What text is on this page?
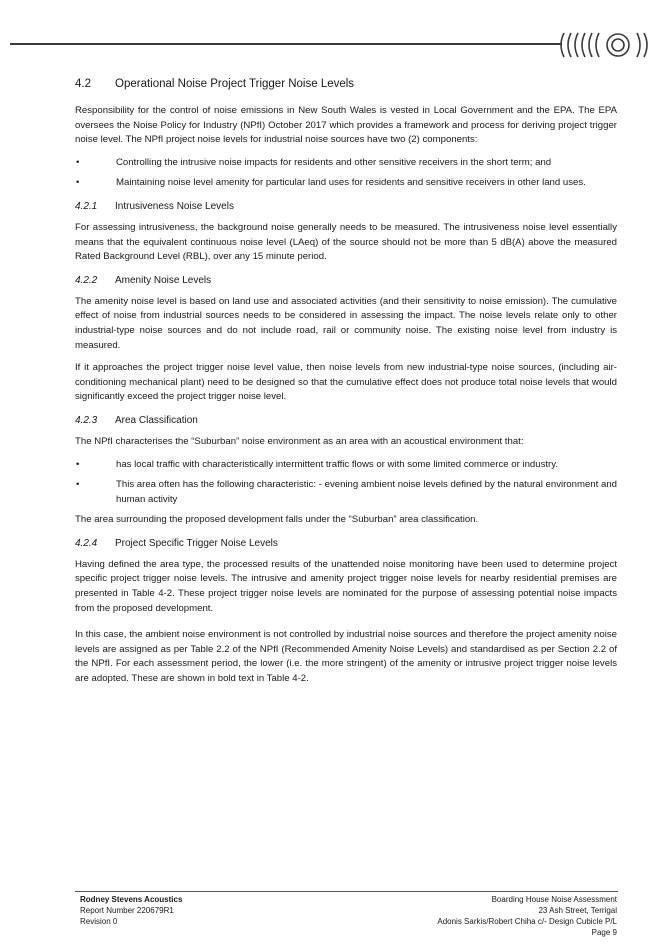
4.2	Operational Noise Project Trigger Noise Levels

Responsibility for the control of noise emissions in New South Wales is vested in Local Government and the EPA. The EPA oversees the Noise Policy for Industry (NPfI) October 2017 which provides a framework and process for deriving project trigger noise level. The NPfI project noise levels for industrial noise sources have two (2) components:

•	Controlling the intrusive noise impacts for residents and other sensitive receivers in the short term; and
•	Maintaining noise level amenity for particular land uses for residents and sensitive receivers in other land uses.
4.2.1	Intrusiveness Noise Levels

For assessing intrusiveness, the background noise generally needs to be measured. The intrusiveness noise level essentially means that the equivalent continuous noise level (LAeq) of the source should not be more than 5 dB(A) above the measured Rated Background Level (RBL), over any 15 minute period.

4.2.2	Amenity Noise Levels

The amenity noise level is based on land use and associated activities (and their sensitivity to noise emission). The cumulative effect of noise from industrial sources needs to be considered in assessing the impact. The noise levels relate only to other industrial-type noise sources and do not include road, rail or community noise. The existing noise level from industry is measured.

If it approaches the project trigger noise level value, then noise levels from new industrial-type noise sources, (including air-conditioning mechanical plant) need to be designed so that the cumulative effect does not produce total noise levels that would significantly exceed the project trigger noise level.

4.2.3	Area Classification

The NPfI characterises the “Suburban” noise environment as an area with an acoustical environment that:

•	has local traffic with characteristically intermittent traffic flows or with some limited commerce or industry.
•	This area often has the following characteristic: - evening ambient noise levels defined by the natural environment and human activity

The area surrounding the proposed development falls under the “Suburban” area classification.

4.2.4	Project Specific Trigger Noise Levels

Having defined the area type, the processed results of the unattended noise monitoring have been used to determine project specific project trigger noise levels. The intrusive and amenity project trigger noise levels for nearby residential premises are presented in Table 4-2. These project trigger noise levels are nominated for the purpose of assessing potential noise impacts from the proposed development.

In this case, the ambient noise environment is not controlled by industrial noise sources and therefore the project amenity noise levels are assigned as per Table 2.2 of the NPfI (Recommended Amenity Noise Levels) and standardised as per Section 2.2 of the NPfI. For each assessment period, the lower (i.e. the more stringent) of the amenity or intrusive project trigger noise levels are adopted. These are shown in bold text in Table 4-2.

Rodney Stevens Acoustics
Report Number 220679R1
Revision 0
Boarding House Noise Assessment
23 Ash Street, Terrigal
Adonis Sarkis/Robert Chiha c/- Design Cubicle P/L
Page 9
